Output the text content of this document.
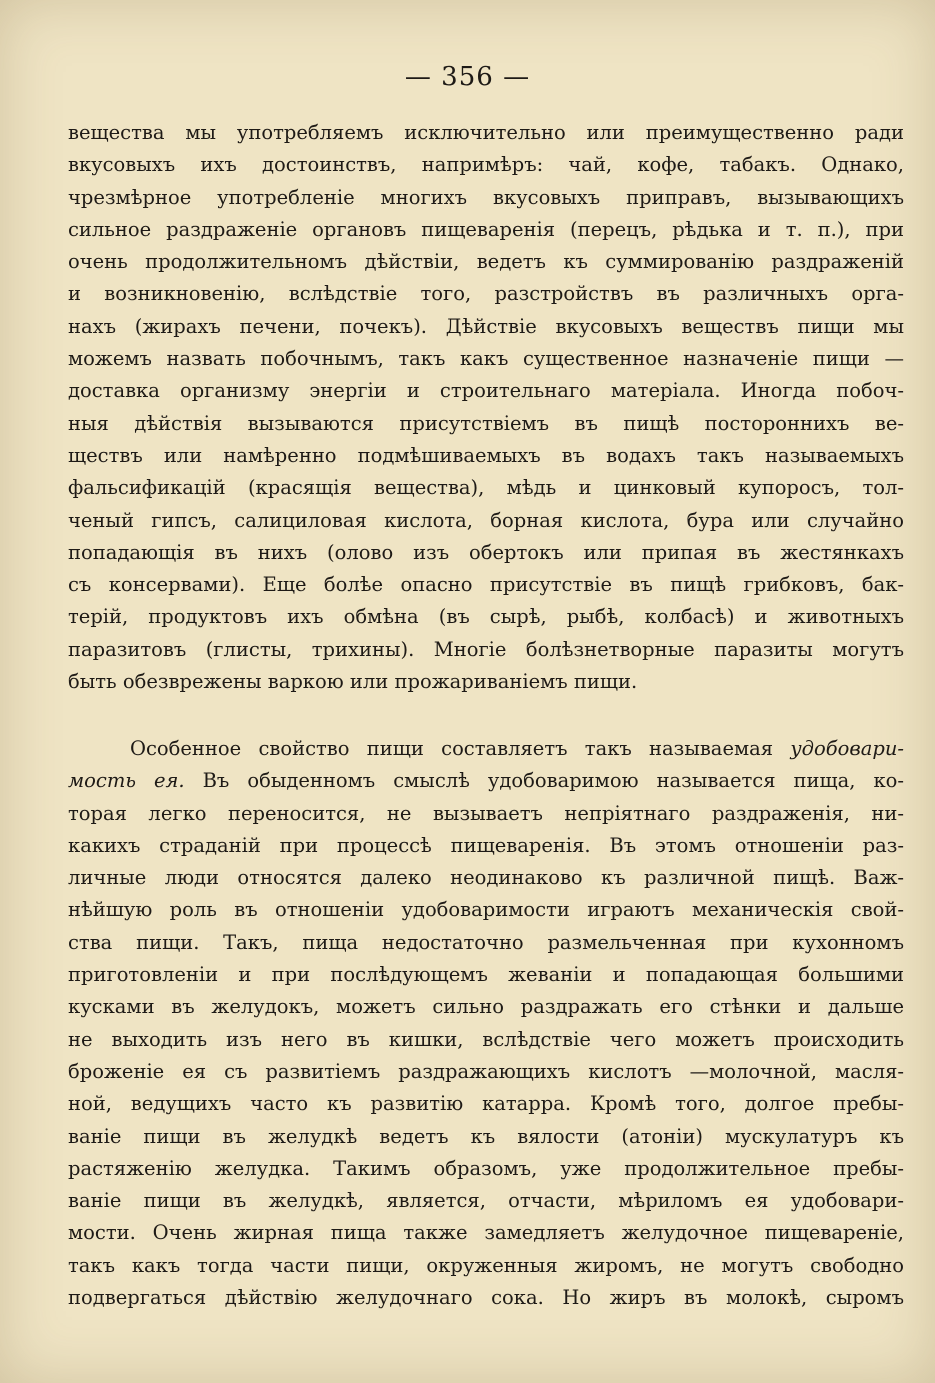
— 356 —
вещества мы употребляемъ исключительно или преимущественно ради
вкусовыхъ ихъ достоинствъ, напримѣръ: чай, кофе, табакъ. Однако,
чрезмѣрное употребленіе многихъ вкусовыхъ приправъ, вызывающихъ
сильное раздраженіе органовъ пищеваренія (перецъ, рѣдька и т. п.), при
очень продолжительномъ дѣйствіи, ведетъ къ суммированію раздраженій
и возникновенію, вслѣдствіе того, разстройствъ въ различныхъ орга-
нахъ (жирахъ печени, почекъ). Дѣйствіе вкусовыхъ веществъ пищи мы
можемъ назвать побочнымъ, такъ какъ существенное назначеніе пищи —
доставка организму энергіи и строительнаго матеріала. Иногда побоч-
ныя дѣйствія вызываются присутствіемъ въ пищѣ постороннихъ ве-
ществъ или намѣренно подмѣшиваемыхъ въ водахъ такъ называемыхъ
фальсификацій (красящія вещества), мѣдь и цинковый купоросъ, тол-
ченый гипсъ, салициловая кислота, борная кислота, бура или случайно
попадающія въ нихъ (олово изъ обертокъ или припая въ жестянкахъ
съ консервами). Еще болѣе опасно присутствіе въ пищѣ грибковъ, бак-
терій, продуктовъ ихъ обмѣна (въ сырѣ, рыбѣ, колбасѣ) и животныхъ
паразитовъ (глисты, трихины). Многіе болѣзнетворные паразиты могутъ
быть обезврежены варкою или прожариваніемъ пищи.
Особенное свойство пищи составляетъ такъ называемая удобовари-
мость ея. Въ обыденномъ смыслѣ удобоваримою называется пища, ко-
торая легко переносится, не вызываетъ непріятнаго раздраженія, ни-
какихъ страданій при процессѣ пищеваренія. Въ этомъ отношеніи раз-
личные люди относятся далеко неодинаково къ различной пищѣ. Важ-
нѣйшую роль въ отношеніи удобоваримости играютъ механическія свой-
ства пищи. Такъ, пища недостаточно размельченная при кухонномъ
приготовленіи и при послѣдующемъ жеваніи и попадающая большими
кусками въ желудокъ, можетъ сильно раздражать его стѣнки и дальше
не выходить изъ него въ кишки, вслѣдствіе чего можетъ происходить
броженіе ея съ развитіемъ раздражающихъ кислотъ —молочной, масля-
ной, ведущихъ часто къ развитію катарра. Кромѣ того, долгое пребы-
ваніе пищи въ желудкѣ ведетъ къ вялости (атоніи) мускулатуръ къ
растяженію желудка. Такимъ образомъ, уже продолжительное пребы-
ваніе пищи въ желудкѣ, является, отчасти, мѣриломъ ея удобовари-
мости. Очень жирная пища также замедляетъ желудочное пищевареніе,
такъ какъ тогда части пищи, окруженныя жиромъ, не могутъ свободно
подвергаться дѣйствію желудочнаго сока. Но жиръ въ молокѣ, сыромъ
